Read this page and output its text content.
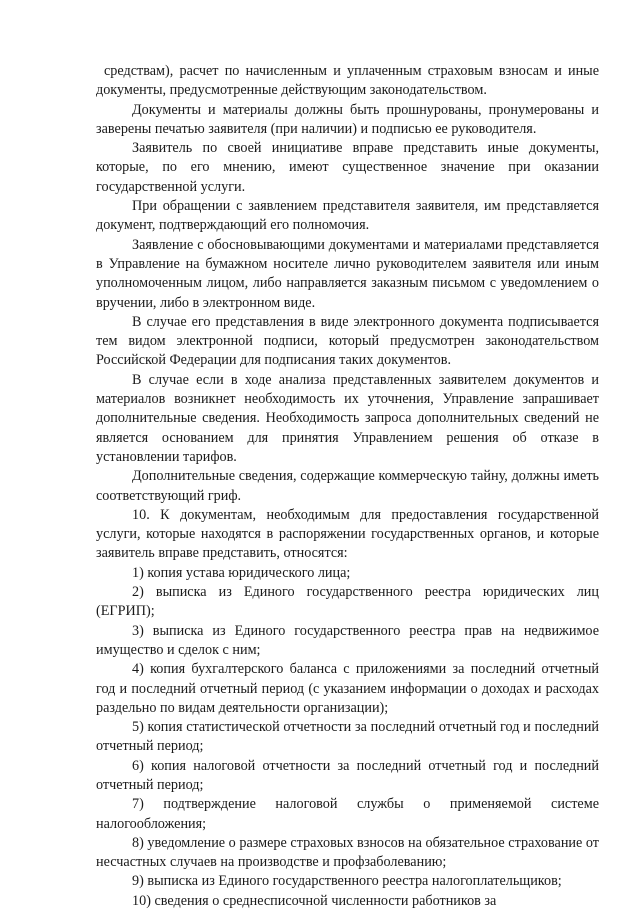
средствам), расчет по начисленным и уплаченным страховым взносам и иные документы, предусмотренные действующим законодательством.

Документы и материалы должны быть прошнурованы, пронумерованы и заверены печатью заявителя (при наличии) и подписью ее руководителя.

Заявитель по своей инициативе вправе представить иные документы, которые, по его мнению, имеют существенное значение при оказании государственной услуги.

При обращении с заявлением представителя заявителя, им представляется документ, подтверждающий его полномочия.

Заявление с обосновывающими документами и материалами представляется в Управление на бумажном носителе лично руководителем заявителя или иным уполномоченным лицом, либо направляется заказным письмом с уведомлением о вручении, либо в электронном виде.

В случае его представления в виде электронного документа подписывается тем видом электронной подписи, который предусмотрен законодательством Российской Федерации для подписания таких документов.

В случае если в ходе анализа представленных заявителем документов и материалов возникнет необходимость их уточнения, Управление запрашивает дополнительные сведения. Необходимость запроса дополнительных сведений не является основанием для принятия Управлением решения об отказе в установлении тарифов.

Дополнительные сведения, содержащие коммерческую тайну, должны иметь соответствующий гриф.

10. К документам, необходимым для предоставления государственной услуги, которые находятся в распоряжении государственных органов, и которые заявитель вправе представить, относятся:

1) копия устава юридического лица;

2) выписка из Единого государственного реестра юридических лиц (ЕГРИП);

3) выписка из Единого государственного реестра прав на недвижимое имущество и сделок с ним;

4) копия бухгалтерского баланса с приложениями за последний отчетный год и последний отчетный период (с указанием информации о доходах и расходах раздельно по видам деятельности организации);

5) копия статистической отчетности за последний отчетный год и последний отчетный период;

6) копия налоговой отчетности за последний отчетный год и последний отчетный период;

7) подтверждение налоговой службы о применяемой системе налогообложения;

8) уведомление о размере страховых взносов на обязательное страхование от несчастных случаев на производстве и профзаболеванию;

9) выписка из Единого государственного реестра налогоплательщиков;

10) сведения о среднесписочной численности работников за
